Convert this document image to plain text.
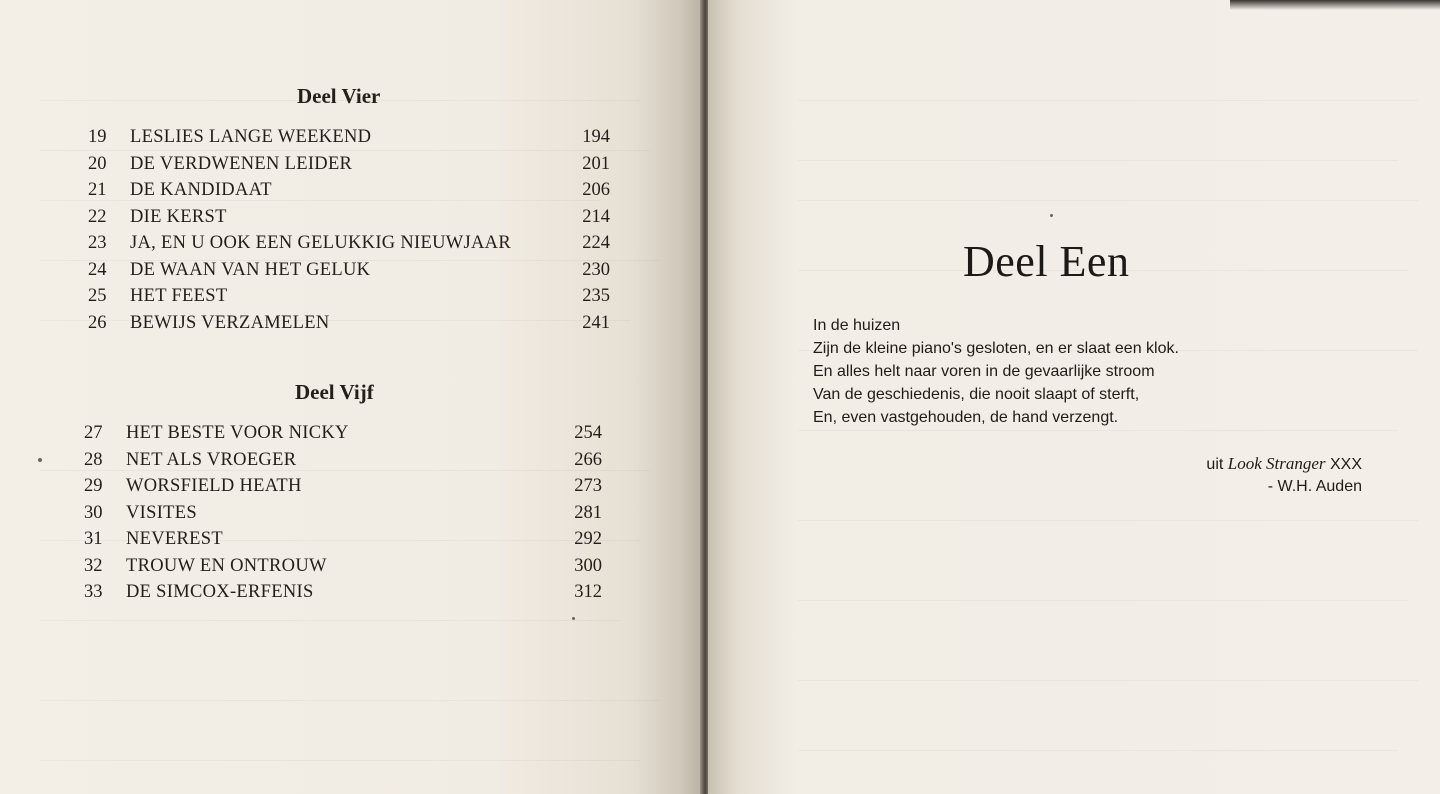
Deel Vier
19	LESLIES LANGE WEEKEND	194
20	DE VERDWENEN LEIDER	201
21	DE KANDIDAAT	206
22	DIE KERST	214
23	JA, EN U OOK EEN GELUKKIG NIEUWJAAR	224
24	DE WAAN VAN HET GELUK	230
25	HET FEEST	235
26	BEWIJS VERZAMELEN	241
Deel Vijf
27	HET BESTE VOOR NICKY	254
28	NET ALS VROEGER	266
29	WORSFIELD HEATH	273
30	VISITES	281
31	NEVEREST	292
32	TROUW EN ONTROUW	300
33	DE SIMCOX-ERFENIS	312
Deel Een
In de huizen
Zijn de kleine piano's gesloten, en er slaat een klok.
En alles helt naar voren in de gevaarlijke stroom
Van de geschiedenis, die nooit slaapt of sterft,
En, even vastgehouden, de hand verzengt.
uit Look Stranger XXX
- W.H. Auden
